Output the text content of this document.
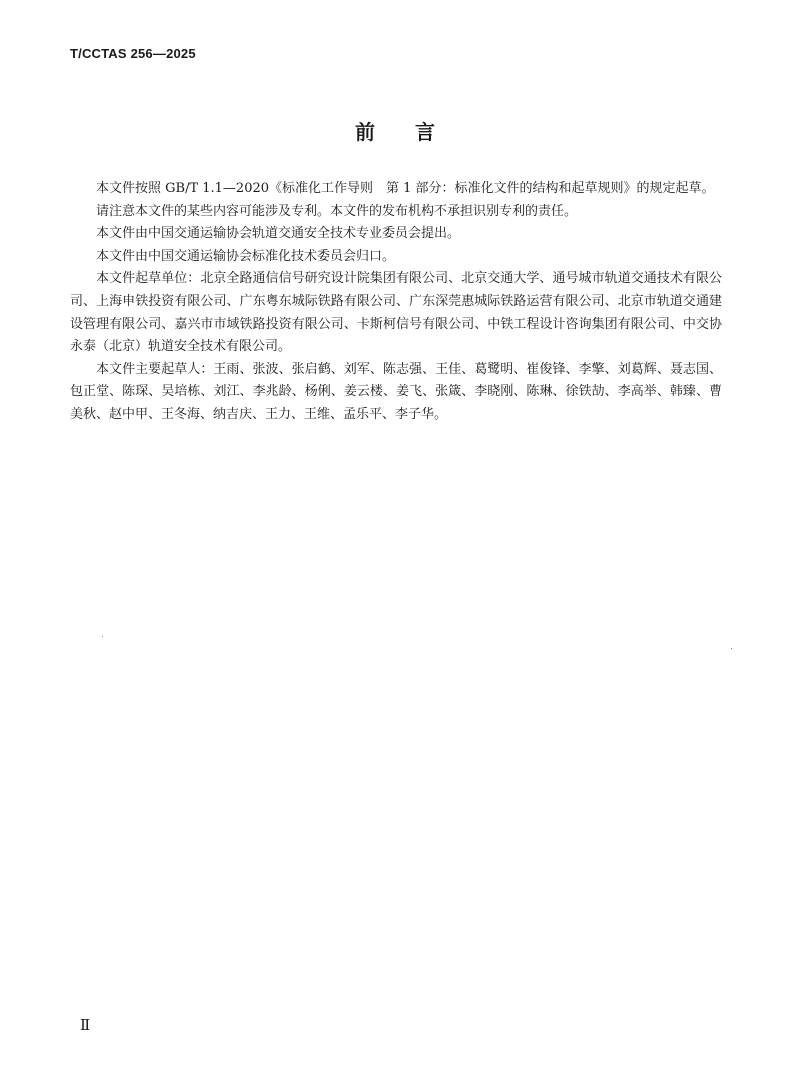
T/CCTAS 256—2025
前 言

本文件按照 GB/T 1.1—2020《标准化工作导则　第 1 部分：标准化文件的结构和起草规则》的规定起草。

请注意本文件的某些内容可能涉及专利。本文件的发布机构不承担识别专利的责任。

本文件由中国交通运输协会轨道交通安全技术专业委员会提出。

本文件由中国交通运输协会标准化技术委员会归口。

本文件起草单位：北京全路通信信号研究设计院集团有限公司、北京交通大学、通号城市轨道交通技术有限公司、上海申铁投资有限公司、广东粤东城际铁路有限公司、广东深莞惠城际铁路运营有限公司、北京市轨道交通建设管理有限公司、嘉兴市市域铁路投资有限公司、卡斯柯信号有限公司、中铁工程设计咨询集团有限公司、中交协永泰（北京）轨道安全技术有限公司。

本文件主要起草人：王雨、张波、张启鹤、刘军、陈志强、王佳、葛鹭明、崔俊锋、李擎、刘葛辉、聂志国、包正堂、陈琛、吴培栋、刘江、李兆龄、杨俐、姜云楼、姜飞、张箴、李晓刚、陈琳、徐铁劼、李高举、韩臻、曹美秋、赵中甲、王冬海、纳吉庆、王力、王维、孟乐平、李子华。

Ⅱ
